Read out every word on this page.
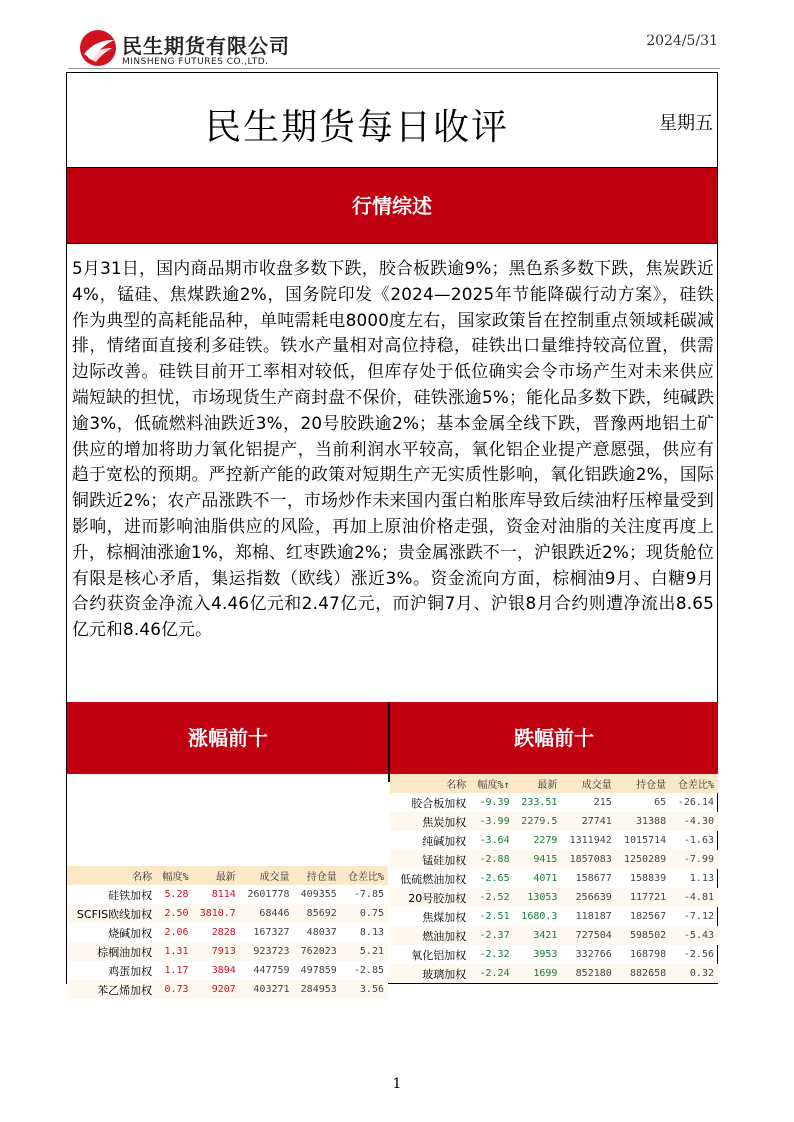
民生期货有限公司
MINSHENG FUTURES CO.,LTD.
2024/5/31
民生期货每日收评	星期五
行情综述
5月31日，国内商品期市收盘多数下跌，胶合板跌逾9%；黑色系多数下跌，焦炭跌近4%，锰硅、焦煤跌逾2%，国务院印发《2024—2025年节能降碳行动方案》，硅铁作为典型的高耗能品种，单吨需耗电8000度左右，国家政策旨在控制重点领域耗碳减排，情绪面直接利多硅铁。铁水产量相对高位持稳，硅铁出口量维持较高位置，供需边际改善。硅铁目前开工率相对较低，但库存处于低位确实会令市场产生对未来供应端短缺的担忧，市场现货生产商封盘不保价，硅铁涨逾5%；能化品多数下跌，纯碱跌逾3%，低硫燃料油跌近3%，20号胶跌逾2%；基本金属全线下跌，晋豫两地铝土矿供应的增加将助力氧化铝提产，当前利润水平较高，氧化铝企业提产意愿强，供应有趋于宽松的预期。严控新产能的政策对短期生产无实质性影响，氧化铝跌逾2%，国际铜跌近2%；农产品涨跌不一，市场炒作未来国内蛋白粕胀库导致后续油籽压榨量受到影响，进而影响油脂供应的风险，再加上原油价格走强，资金对油脂的关注度再度上升，棕榈油涨逾1%，郑棉、红枣跌逾2%；贵金属涨跌不一，沪银跌近2%；现货舱位有限是核心矛盾，集运指数（欧线）涨近3%。资金流向方面，棕榈油9月、白糖9月合约获资金净流入4.46亿元和2.47亿元，而沪铜7月、沪银8月合约则遭净流出8.65亿元和8.46亿元。
涨幅前十	跌幅前十
名称	幅度%	最新	成交量	持仓量	仓差比%
硅铁加权	5.28	8114	2601778	409355	-7.85
SCFIS欧线加权	2.50	3810.7	68446	85692	0.75
烧碱加权	2.06	2828	167327	48037	8.13
棕榈油加权	1.31	7913	923723	762023	5.21
鸡蛋加权	1.17	3894	447759	497859	-2.85
苯乙烯加权	0.73	9207	403271	284953	3.56
名称	幅度%↑	最新	成交量	持仓量	仓差比%
胶合板加权	-9.39	233.51	215	65	-26.14
焦炭加权	-3.99	2279.5	27741	31388	-4.30
纯碱加权	-3.64	2279	1311942	1015714	-1.63
锰硅加权	-2.88	9415	1857083	1250289	-7.99
低硫燃油加权	-2.65	4071	158677	158839	1.13
20号胶加权	-2.52	13053	256639	117721	-4.81
焦煤加权	-2.51	1680.3	118187	182567	-7.12
燃油加权	-2.37	3421	727504	598502	-5.43
氧化铝加权	-2.32	3953	332766	168798	-2.56
玻璃加权	-2.24	1699	852180	882658	0.32
1
